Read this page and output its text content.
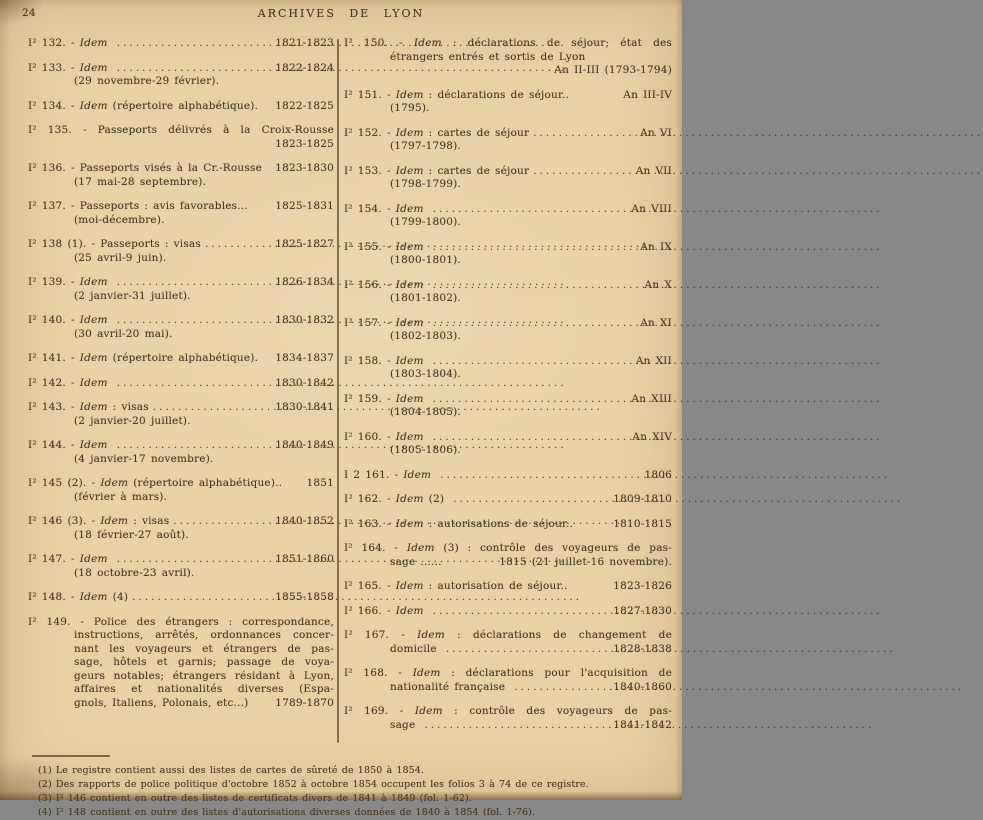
24	ARCHIVES DE LYON
I² 132. - Idem
.....	1821-1823
I² 133. - Idem
.....	1822-1824
(29 novembre-29 février).
I² 134. - Idem (répertoire alphabétique). 1822-1825
I² 135. - Passeports délivrés à la Croix-Rousse
1823-1825
I² 136. - Passeports visés à la Cr.-Rousse 1823-1830
(17 mai-28 septembre).
I² 137. - Passeports : avis favorables...	1825-1831
(moi-décembre).
I² 138 (1). - Passeports : visas .....	1825-1827
(25 avril-9 juin).
I² 139. - Idem
.....	1826-1834
(2 janvier-31 juillet).
I² 140. - Idem
.....	1830-1832
(30 avril-20 mai).
I² 141. - Idem (répertoire alphabétique). 1834-1837
I² 142. - Idem
.....	1830-1842
I² 143. - Idem : visas .....	1830-1841
(2 janvier-20 juillet).
I² 144. - Idem
.....	1840-1849
(4 janvier-17 novembre).
I² 145 (2). - Idem (répertoire alphabétique).. 1851
(février à mars).
I² 146 (3). - Idem : visas .....	1840-1852
(18 février-27 août).
I² 147. - Idem
.....	1851-1860
(18 octobre-23 avril).
I² 148. - Idem (4) .....	1855-1858
I² 149. - Police des étrangers : correspondance,
instructions, arrêtés, ordonnances concer-
nant les voyageurs et étrangers de pas-
sage, hôtels et garnis; passage de voya-
geurs notables; étrangers résidant à Lyon,
affaires et nationalités diverses (Espa-
gnols, Italiens, Polonais, etc...)	1789-1870
I² 150. - Idem : déclarations de séjour; état des
étrangers entrés et sortis de Lyon
An II-III (1793-1794)
I² 151. - Idem : déclarations de séjour..	An III-IV
(1795).
I² 152. - Idem : cartes de séjour .....	An VI
(1797-1798).
I² 153. - Idem : cartes de séjour .....	An VII
(1798-1799).
I² 154. - Idem
.....	An VIII
(1799-1800).
I² 155. - Idem
.....	An IX
(1800-1801).
I² 156. - Idem
.....	An X
(1801-1802).
I² 157. - Idem
.....	An XI
(1802-1803).
I² 158. - Idem
.....	An XII
(1803-1804).
I² 159. - Idem
.....	An XIII
(1804-1805).
I² 160. - Idem
.....	An XIV
(1805-1806).
I 2 161. - Idem
.....	1806
I² 162. - Idem (2) .....	1809-1810
I² 163. - Idem : autorisations de séjour..	1810-1815
I² 164. - Idem (3) : contrôle des voyageurs de pas-
sage ......	1815 (21 juillet-16 novembre).
I² 165. - Idem : autorisation de séjour..	1823-1826
I² 166. - Idem
.....	1827-1830
I² 167. - Idem : déclarations de changement de
domicile .....	1828-1838
I² 168. - Idem : déclarations pour l'acquisition de
nationalité française .....	1840-1860
I² 169. - Idem : contrôle des voyageurs de pas-
sage .....	1841-1842
(1) Le registre contient aussi des listes de cartes de sûreté de 1850 à 1854.
(2) Des rapports de police politique d'octobre 1852 à octobre 1854 occupent les folios 3 à 74 de ce registre.
(3) I² 146 contient en outre des listes de certificats divers de 1841 à 1849 (fol. 1-62).
(4) I² 148 contient en outre des listes d'autorisations diverses données de 1840 à 1854 (fol. 1-76).
